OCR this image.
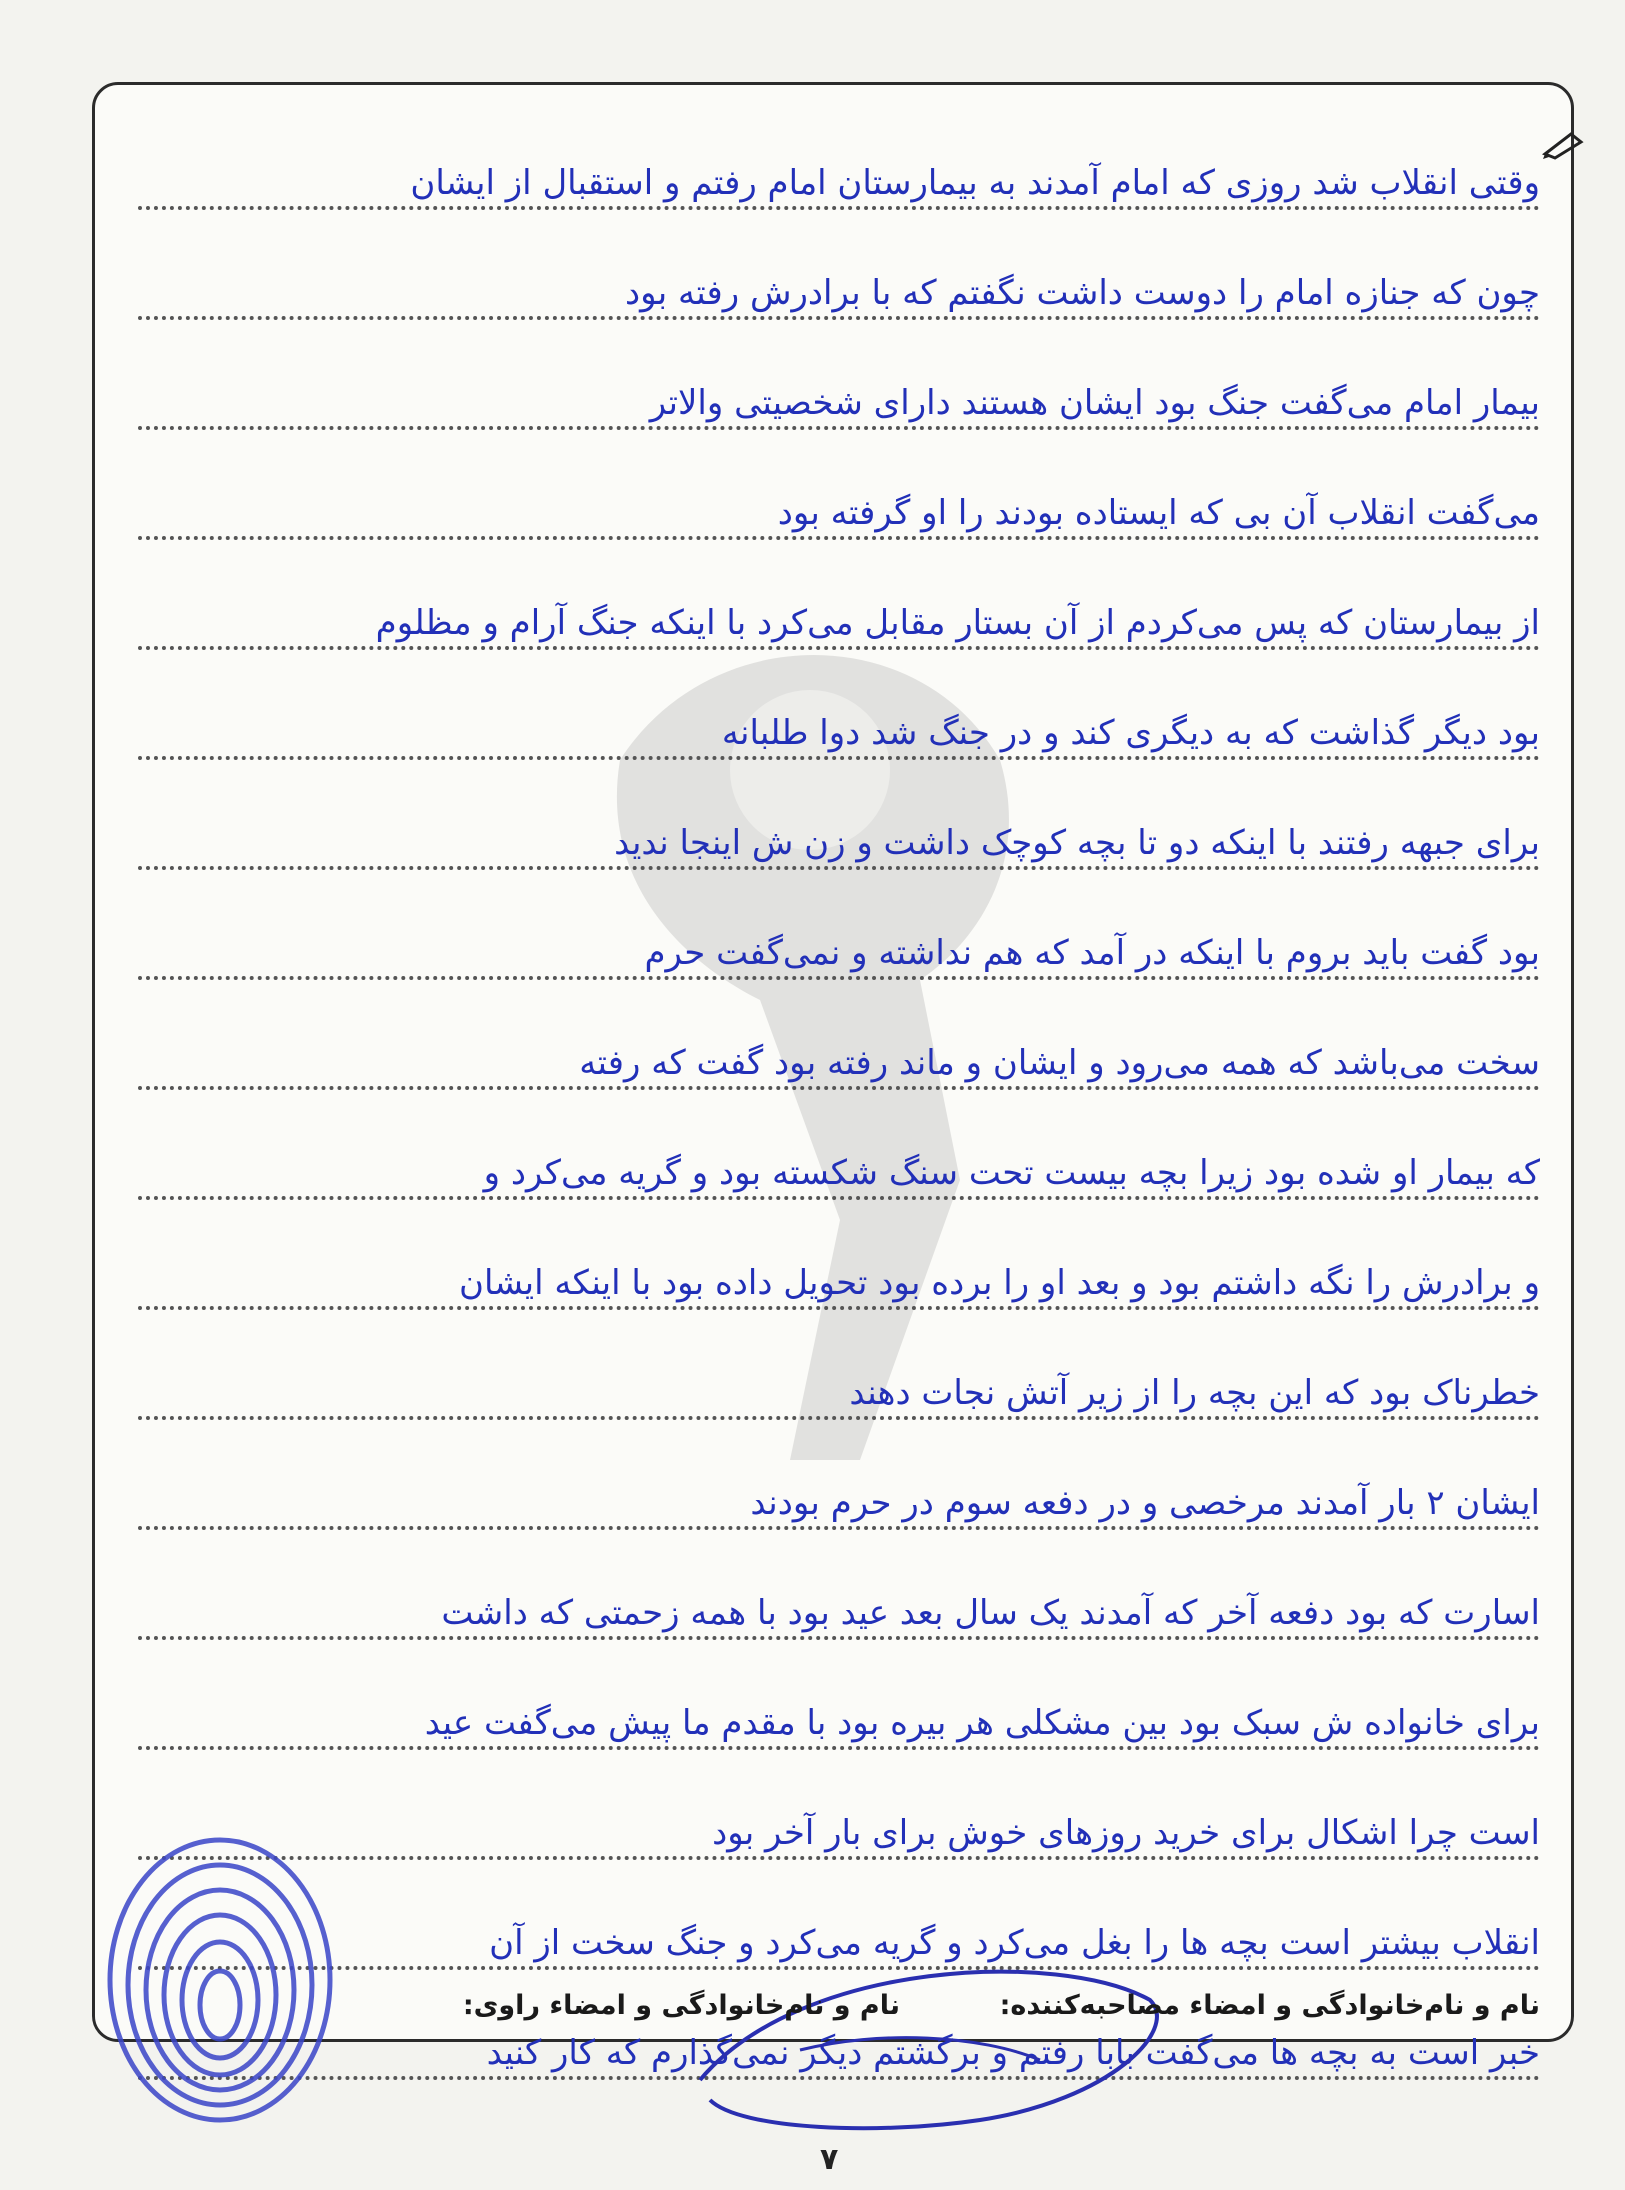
وقتی انقلاب شد روزی که امام آمدند به بیمارستان امام رفتم و استقبال از ایشان
چون که جنازه امام را دوست داشت نگفتم که با برادرش رفته بود
بیمار امام می‌گفت جنگ بود ایشان هستند دارای شخصیتی والاتر
می‌گفت انقلاب آن بی که ایستاده بودند را او گرفته بود
از بیمارستان که پس می‌کردم از آن بستار مقابل می‌کرد با اینکه جنگ آرام و مظلوم
بود دیگر گذاشت که به دیگری کند و در جنگ شد دوا طلبانه
برای جبهه رفتند با اینکه دو تا بچه کوچک داشت و زن ش اینجا ندید
بود گفت باید بروم با اینکه در آمد که هم نداشته و نمی‌گفت حرم
سخت می‌باشد که همه می‌رود و ایشان و ماند رفته بود گفت که رفته
که بیمار او شده بود زیرا بچه بیست تحت سنگ شکسته بود و گریه می‌کرد و
و برادرش را نگه داشتم بود و بعد او را برده بود تحویل داده بود با اینکه ایشان
خطرناک بود که این بچه را از زیر آتش نجات دهند
ایشان ۲ بار آمدند مرخصی و در دفعه سوم در حرم بودند
اسارت که بود دفعه آخر که آمدند یک سال بعد عید بود با همه زحمتی که داشت
برای خانواده ش سبک بود بین مشکلی هر بیره بود با مقدم ما پیش می‌گفت عید
است چرا اشکال برای خرید روزهای خوش برای بار آخر بود
انقلاب بیشتر است بچه ها را بغل می‌کرد و گریه می‌کرد و جنگ سخت از آن
خبر است به بچه ها می‌گفت بابا رفتم و برگشتم دیگر نمی‌گذارم که کار کنید
نام و نام‌خانوادگی و امضاء مصاحبه‌کننده:
نام و نام‌خانوادگی و امضاء راوی:
۷
